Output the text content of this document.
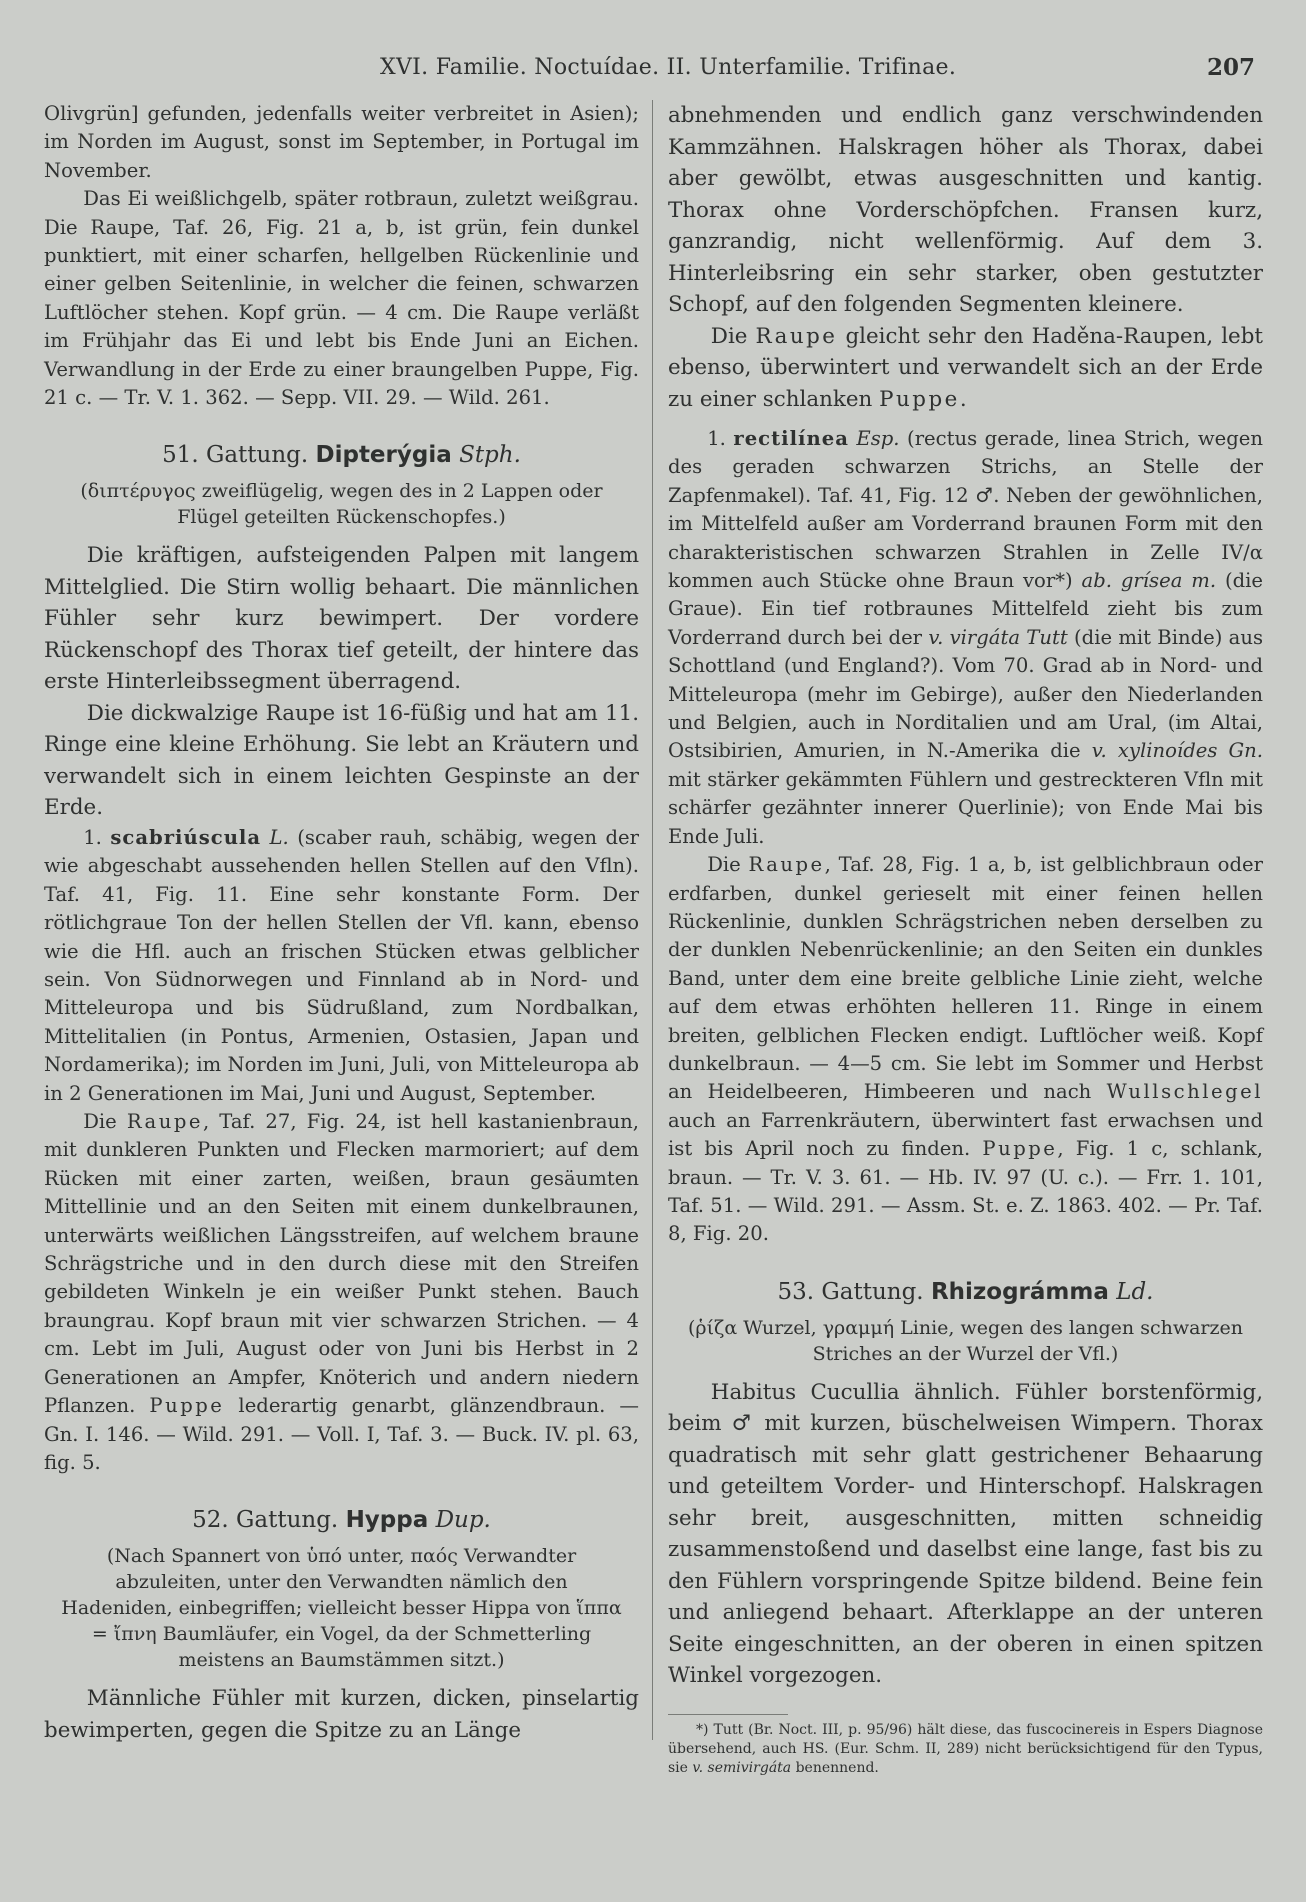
XVI. Familie. Noctuídae. II. Unterfamilie. Trifinae.	207

Olivgrün] gefunden, jedenfalls weiter verbreitet in Asien); im Norden im August, sonst im September, in Portugal im November.

Das Ei weißlichgelb, später rotbraun, zuletzt weißgrau. Die Raupe, Taf. 26, Fig. 21 a, b, ist grün, fein dunkel punktiert, mit einer scharfen, hellgelben Rückenlinie und einer gelben Seitenlinie, in welcher die feinen, schwarzen Luftlöcher stehen. Kopf grün. — 4 cm. Die Raupe verläßt im Frühjahr das Ei und lebt bis Ende Juni an Eichen. Verwandlung in der Erde zu einer braungelben Puppe, Fig. 21 c. — Tr. V. 1. 362. — Sepp. VII. 29. — Wild. 261.

51. Gattung. Dipterýgia Stph.

(διπτέρυγος zweiflügelig, wegen des in 2 Lappen oder Flügel geteilten Rückenschopfes.)

Die kräftigen, aufsteigenden Palpen mit langem Mittelglied. Die Stirn wollig behaart. Die männlichen Fühler sehr kurz bewimpert. Der vordere Rückenschopf des Thorax tief geteilt, der hintere das erste Hinterleibssegment überragend.

Die dickwalzige Raupe ist 16-füßig und hat am 11. Ringe eine kleine Erhöhung. Sie lebt an Kräutern und verwandelt sich in einem leichten Gespinste an der Erde.

1. scabriúscula L. (scaber rauh, schäbig, wegen der wie abgeschabt aussehenden hellen Stellen auf den Vfln). Taf. 41, Fig. 11. Eine sehr konstante Form. Der rötlichgraue Ton der hellen Stellen der Vfl. kann, ebenso wie die Hfl. auch an frischen Stücken etwas gelblicher sein. Von Südnorwegen und Finnland ab in Nord- und Mitteleuropa und bis Südrußland, zum Nordbalkan, Mittelitalien (in Pontus, Armenien, Ostasien, Japan und Nordamerika); im Norden im Juni, Juli, von Mitteleuropa ab in 2 Generationen im Mai, Juni und August, September.

Die Raupe, Taf. 27, Fig. 24, ist hell kastanienbraun, mit dunkleren Punkten und Flecken marmoriert; auf dem Rücken mit einer zarten, weißen, braun gesäumten Mittellinie und an den Seiten mit einem dunkelbraunen, unterwärts weißlichen Längsstreifen, auf welchem braune Schrägstriche und in den durch diese mit den Streifen gebildeten Winkeln je ein weißer Punkt stehen. Bauch braungrau. Kopf braun mit vier schwarzen Strichen. — 4 cm. Lebt im Juli, August oder von Juni bis Herbst in 2 Generationen an Ampfer, Knöterich und andern niedern Pflanzen. Puppe lederartig genarbt, glänzendbraun. — Gn. I. 146. — Wild. 291. — Voll. I, Taf. 3. — Buck. IV. pl. 63, fig. 5.

52. Gattung. Hyppa Dup.

(Nach Spannert von ὑπό unter, παός Verwandter abzuleiten, unter den Verwandten nämlich den Hadeniden, einbegriffen; vielleicht besser Hippa von ἵππα = ἴπνη Baumläufer, ein Vogel, da der Schmetterling meistens an Baumstämmen sitzt.)

Männliche Fühler mit kurzen, dicken, pinselartig bewimperten, gegen die Spitze zu an Länge

abnehmenden und endlich ganz verschwindenden Kammzähnen. Halskragen höher als Thorax, dabei aber gewölbt, etwas ausgeschnitten und kantig. Thorax ohne Vorderschöpfchen. Fransen kurz, ganzrandig, nicht wellenförmig. Auf dem 3. Hinterleibsring ein sehr starker, oben gestutzter Schopf, auf den folgenden Segmenten kleinere.

Die Raupe gleicht sehr den Haděna-Raupen, lebt ebenso, überwintert und verwandelt sich an der Erde zu einer schlanken Puppe.

1. rectilínea Esp. (rectus gerade, linea Strich, wegen des geraden schwarzen Strichs, an Stelle der Zapfenmakel). Taf. 41, Fig. 12 ♂. Neben der gewöhnlichen, im Mittelfeld außer am Vorderrand braunen Form mit den charakteristischen schwarzen Strahlen in Zelle IV/α kommen auch Stücke ohne Braun vor*) ab. grísea m. (die Graue). Ein tief rotbraunes Mittelfeld zieht bis zum Vorderrand durch bei der v. virgáta Tutt (die mit Binde) aus Schottland (und England?). Vom 70. Grad ab in Nord- und Mitteleuropa (mehr im Gebirge), außer den Niederlanden und Belgien, auch in Norditalien und am Ural, (im Altai, Ostsibirien, Amurien, in N.-Amerika die v. xylinoídes Gn. mit stärker gekämmten Fühlern und gestreckteren Vfln mit schärfer gezähnter innerer Querlinie); von Ende Mai bis Ende Juli.

Die Raupe, Taf. 28, Fig. 1 a, b, ist gelblichbraun oder erdfarben, dunkel gerieselt mit einer feinen hellen Rückenlinie, dunklen Schrägstrichen neben derselben zu der dunklen Nebenrückenlinie; an den Seiten ein dunkles Band, unter dem eine breite gelbliche Linie zieht, welche auf dem etwas erhöhten helleren 11. Ringe in einem breiten, gelblichen Flecken endigt. Luftlöcher weiß. Kopf dunkelbraun. — 4—5 cm. Sie lebt im Sommer und Herbst an Heidelbeeren, Himbeeren und nach Wullschlegel auch an Farrenkräutern, überwintert fast erwachsen und ist bis April noch zu finden. Puppe, Fig. 1 c, schlank, braun. — Tr. V. 3. 61. — Hb. IV. 97 (U. c.). — Frr. 1. 101, Taf. 51. — Wild. 291. — Assm. St. e. Z. 1863. 402. — Pr. Taf. 8, Fig. 20.

53. Gattung. Rhizográmma Ld.

(ῥίζα Wurzel, γραμμή Linie, wegen des langen schwarzen Striches an der Wurzel der Vfl.)

Habitus Cucullia ähnlich. Fühler borstenförmig, beim ♂ mit kurzen, büschelweisen Wimpern. Thorax quadratisch mit sehr glatt gestrichener Behaarung und geteiltem Vorder- und Hinterschopf. Halskragen sehr breit, ausgeschnitten, mitten schneidig zusammenstoßend und daselbst eine lange, fast bis zu den Fühlern vorspringende Spitze bildend. Beine fein und anliegend behaart. Afterklappe an der unteren Seite eingeschnitten, an der oberen in einen spitzen Winkel vorgezogen.

*) Tutt (Br. Noct. III, p. 95/96) hält diese, das fuscocinereis in Espers Diagnose übersehend, auch HS. (Eur. Schm. II, 289) nicht berücksichtigend für den Typus, sie v. semivirgáta benennend.
